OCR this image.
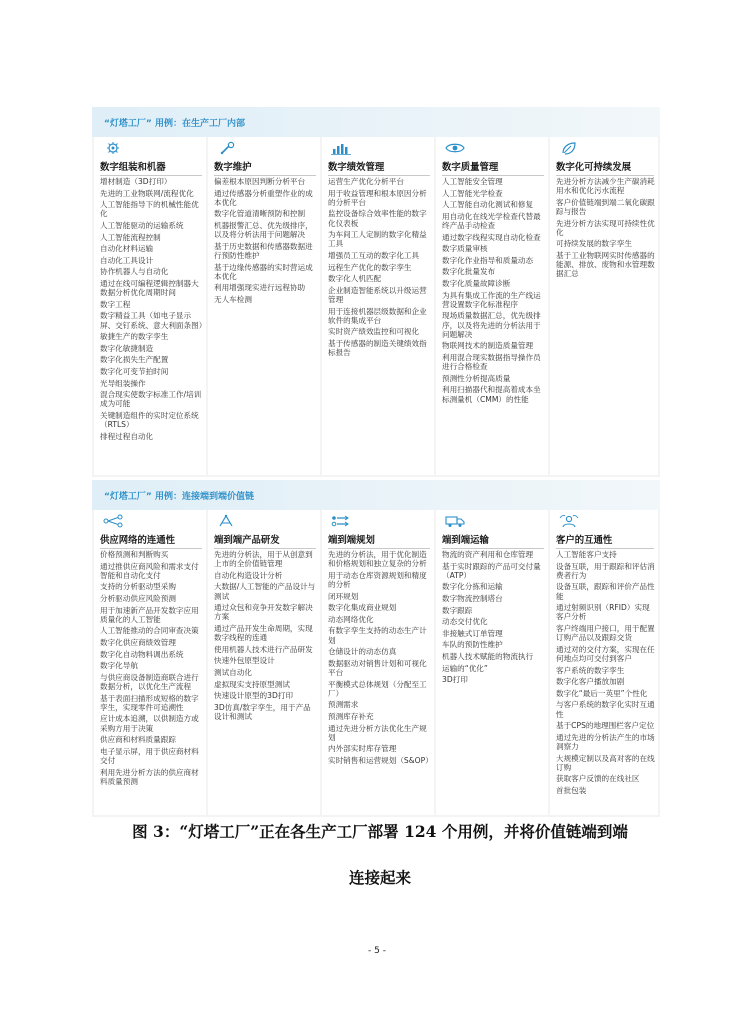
“灯塔工厂” 用例：在生产工厂内部
数字组装和机器
增材制造（3D打印）
先进的工业物联网/流程优化
人工智能指导下的机械性能优化
人工智能驱动的运输系统
人工智能流程控制
自动化材料运输
自动化工具设计
协作机器人与自动化
通过在线可编程逻辑控制器大数据分析优化周期时间
数字工程
数字精益工具（如电子显示屏、交钉系统、意大利面条图）
敏捷生产的数字孪生
数字化敏捷制造
数字化损失生产配置
数字化可变节拍时间
光导组装操作
混合现实使数字标准工作/培训成为可能
关键制造组件的实时定位系统（RTLS）
排程过程自动化
数字维护
偏差根本原因判断分析平台
通过传感器分析重塑作业的成本优化
数字化管道清晰预防和控制
机器报警汇总、优先级排序，以及将分析法用于问题解决
基于历史数据和传感器数据进行预防性维护
基于边缘传感器的实时营运成本优化
利用增强现实进行远程协助
无人车检测
数字绩效管理
运营生产优化分析平台
用于收益管理和根本原因分析的分析平台
监控设备综合效率性能的数字化仪表板
为车间工人定制的数字化精益工具
增强员工互动的数字化工具
远程生产优化的数字孪生
数字化人机匹配
企业制造智能系统以升级运营管理
用于连接机器层级数据和企业软件的集成平台
实时资产绩效监控和可视化
基于传感器的制造关键绩效指标报告
数字质量管理
人工智能安全管理
人工智能光学检查
人工智能自动化测试和修复
用自动化在线光学检查代替最终产品手动检查
通过数字线程实现自动化检查
数字质量审核
数字化作业指导和质量动态
数字化批量发布
数字化质量故障诊断
为具有集成工作流的生产线运营设置数字化标准程序
现场质量数据汇总，优先级排序，以及将先进的分析法用于问题解决
物联网技术的制造质量管理
利用混合现实数据指导操作员进行合格检查
预测性分析提高质量
利用扫描器代和提高着成本坐标测量机（CMM）的性能
数字化可持续发展
先进分析方法减少生产碳消耗用水和优化污水流程
客户价值链端到端二氧化碳跟踪与报告
先进分析方法实现可持续性优化
可持续发展的数字孪生
基于工业物联网实时传感器的能源、排放、废物和水管理数据汇总
“灯塔工厂” 用例：连接端到端价值链
供应网络的连通性
价格预测和判断购买
通过推供应商风险和需求支付智能和自动化支付
支持的分析驱动型采购
分析驱动供应风险预测
用于加速新产品开发数字应用质量化的人工智能
人工智能推动的合同审查决策
数字化供应商绩效管理
数字化自动物料调出系统
数字化导航
与供应商设备制造商联合进行数据分析，以优化生产流程
基于表面扫描形成短格的数字孪生，实现零件可追溯性
应计成本追溯，以供制造方或采购方用于决策
供应商和材料质量跟踪
电子显示屏，用于供应商材料交付
利用先进分析方法的供应商材料质量预测
端到端产品研发
先进的分析法，用于从创意到上市的全价值链管理
自动化构造设计分析
大数据/人工智能的产品设计与测试
通过众包和竞争开发数字解决方案
通过产品开发生命周期，实现数字线程的连通
使用机器人技术进行产品研发
快速外包原型设计
测试自动化
虚拟现实支持原型测试
快速设计原型的3D打印
3D仿真/数字孪生，用于产品设计和测试
端到端规划
先进的分析法，用于优化制造和价格规划和独立复杂的分析
用于动态仓库资源规划和精度的分析
闭环规划
数字化集成商业规划
动态网络优化
有数字孪生支持的动态生产计划
仓储设计的动态仿真
数据驱动对销售计划和可视化平台
平衡模式总体规划（分配至工厂）
预测需求
预测库存补充
通过先进分析方法优化生产规划
内外部实时库存管理
实时销售和运营规划（S&OP）
端到端运输
物流的资产利用和仓库管理
基于实时跟踪的产品可交付量（ATP）
数字化分拣和运输
数字物流控制塔台
数字跟踪
动态交付优化
非接触式订单管理
车队的预防性维护
机器人技术赋能的物流执行
运输的“优化”
3D打印
客户的互通性
人工智能客户支持
设备互联，用于跟踪和评估消费者行为
设备互联，跟踪和评价产品性能
通过射频识别（RFID）实现客户分析
客户终端用户接口，用于配置订购产品以及跟踪交货
通过对的交付方案，实现在任何地点均可交付到客户
客户系统的数字孪生
数字化客户播放加剧
数字化“最后一英里”个性化
与客户系统的数字化实时互通性
基于CPS的地理围栏客户定位
通过先进的分析法产生的市场洞察力
大规模定制以及高对客的在线订购
获取客户反馈的在线社区
首批包装
图 3：“灯塔工厂”正在各生产工厂部署 124 个用例，并将价值链端到端
连接起来
- 5 -
